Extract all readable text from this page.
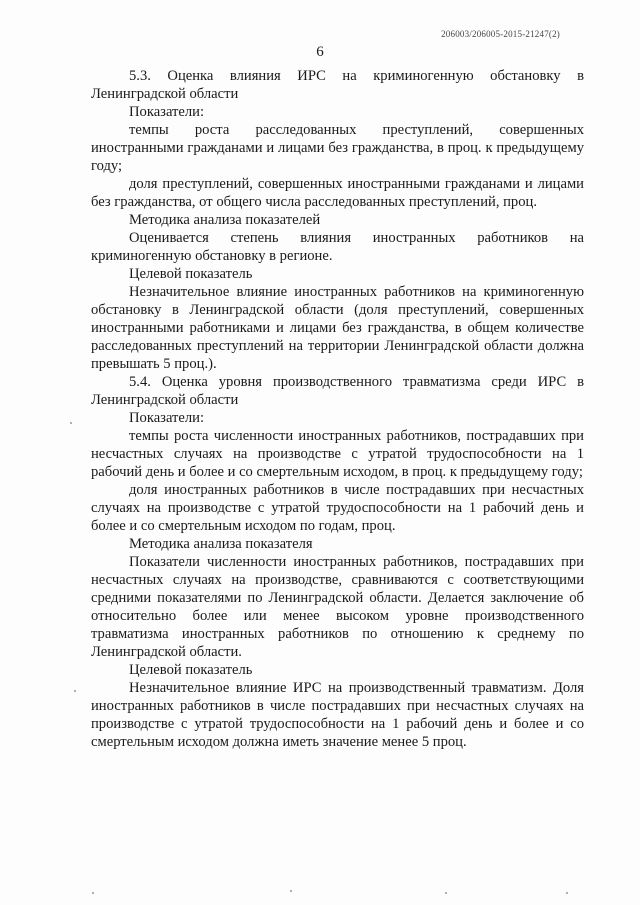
206003/206005-2015-21247(2)
6

5.3. Оценка влияния ИРС на криминогенную обстановку в Ленинградской области

Показатели:

темпы роста расследованных преступлений, совершенных иностранными гражданами и лицами без гражданства, в проц. к предыдущему году;

доля преступлений, совершенных иностранными гражданами и лицами без гражданства, от общего числа расследованных преступлений, проц.

Методика анализа показателей

Оценивается степень влияния иностранных работников на криминогенную обстановку в регионе.

Целевой показатель

Незначительное влияние иностранных работников на криминогенную обстановку в Ленинградской области (доля преступлений, совершенных иностранными работниками и лицами без гражданства, в общем количестве расследованных преступлений на территории Ленинградской области должна превышать 5 проц.).

5.4. Оценка уровня производственного травматизма среди ИРС в Ленинградской области

Показатели:

темпы роста численности иностранных работников, пострадавших при несчастных случаях на производстве с утратой трудоспособности на 1 рабочий день и более и со смертельным исходом, в проц. к предыдущему году;

доля иностранных работников в числе пострадавших при несчастных случаях на производстве с утратой трудоспособности на 1 рабочий день и более и со смертельным исходом по годам, проц.

Методика анализа показателя

Показатели численности иностранных работников, пострадавших при несчастных случаях на производстве, сравниваются с соответствующими средними показателями по Ленинградской области. Делается заключение об относительно более или менее высоком уровне производственного травматизма иностранных работников по отношению к среднему по Ленинградской области.

Целевой показатель

Незначительное влияние ИРС на производственный травматизм. Доля иностранных работников в числе пострадавших при несчастных случаях на производстве с утратой трудоспособности на 1 рабочий день и более и со смертельным исходом должна иметь значение менее 5 проц.
